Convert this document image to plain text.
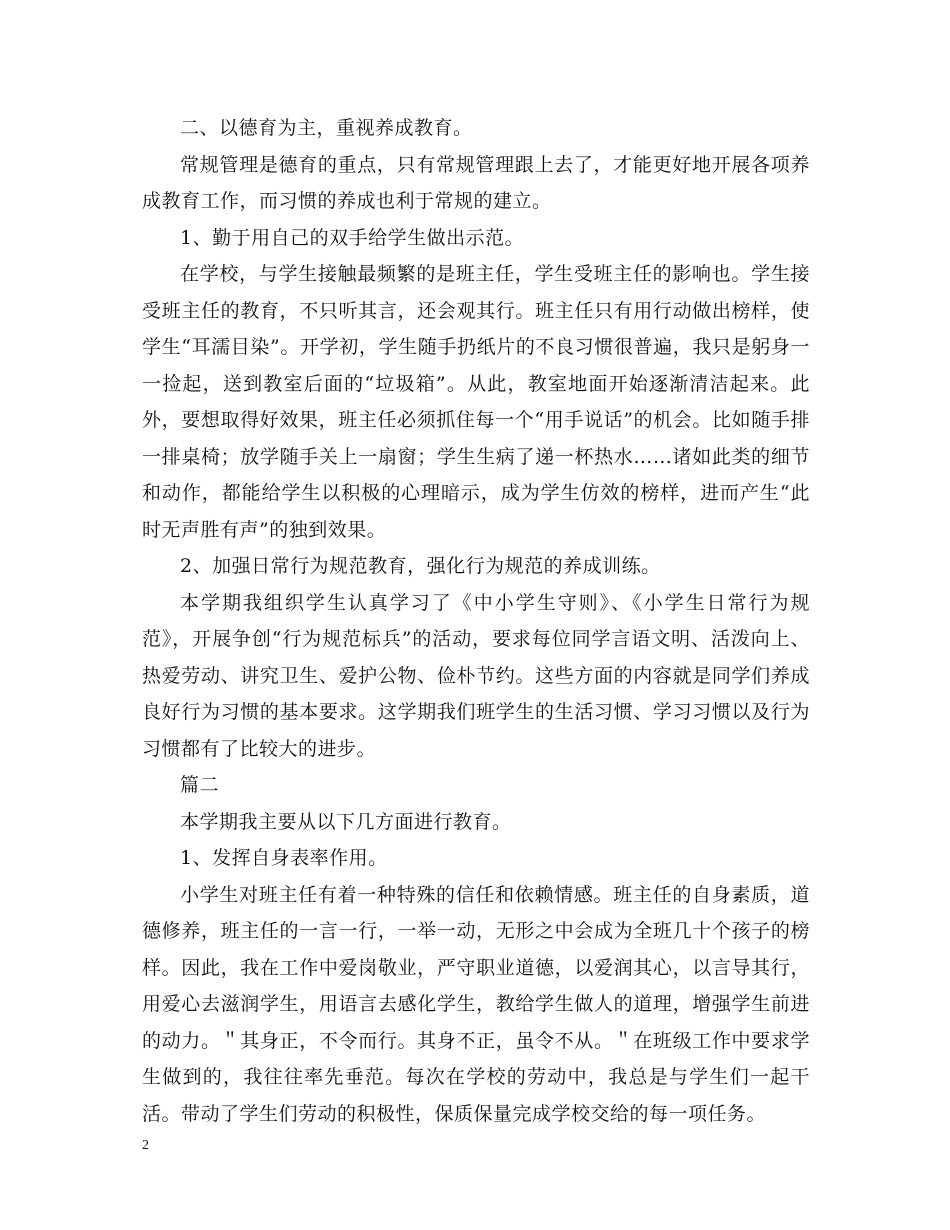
二、以德育为主，重视养成教育。

常规管理是德育的重点，只有常规管理跟上去了，才能更好地开展各项养成教育工作，而习惯的养成也利于常规的建立。

1、勤于用自己的双手给学生做出示范。

在学校，与学生接触最频繁的是班主任，学生受班主任的影响也。学生接受班主任的教育，不只听其言，还会观其行。班主任只有用行动做出榜样，使学生“耳濡目染”。开学初，学生随手扔纸片的不良习惯很普遍，我只是躬身一一捡起，送到教室后面的“垃圾箱”。从此，教室地面开始逐渐清洁起来。此外，要想取得好效果，班主任必须抓住每一个“用手说话”的机会。比如随手排一排桌椅；放学随手关上一扇窗；学生生病了递一杯热水……诸如此类的细节和动作，都能给学生以积极的心理暗示，成为学生仿效的榜样，进而产生“此时无声胜有声”的独到效果。

2、加强日常行为规范教育，强化行为规范的养成训练。

本学期我组织学生认真学习了《中小学生守则》、《小学生日常行为规范》，开展争创“行为规范标兵”的活动，要求每位同学言语文明、活泼向上、热爱劳动、讲究卫生、爱护公物、俭朴节约。这些方面的内容就是同学们养成良好行为习惯的基本要求。这学期我们班学生的生活习惯、学习习惯以及行为习惯都有了比较大的进步。

篇二

本学期我主要从以下几方面进行教育。

1、发挥自身表率作用。

小学生对班主任有着一种特殊的信任和依赖情感。班主任的自身素质，道德修养，班主任的一言一行，一举一动，无形之中会成为全班几十个孩子的榜样。因此，我在工作中爱岗敬业，严守职业道德，以爱润其心，以言导其行，用爱心去滋润学生，用语言去感化学生，教给学生做人的道理，增强学生前进的动力。＂其身正，不令而行。其身不正，虽令不从。＂在班级工作中要求学生做到的，我往往率先垂范。每次在学校的劳动中，我总是与学生们一起干活。带动了学生们劳动的积极性，保质保量完成学校交给的每一项任务。

2
